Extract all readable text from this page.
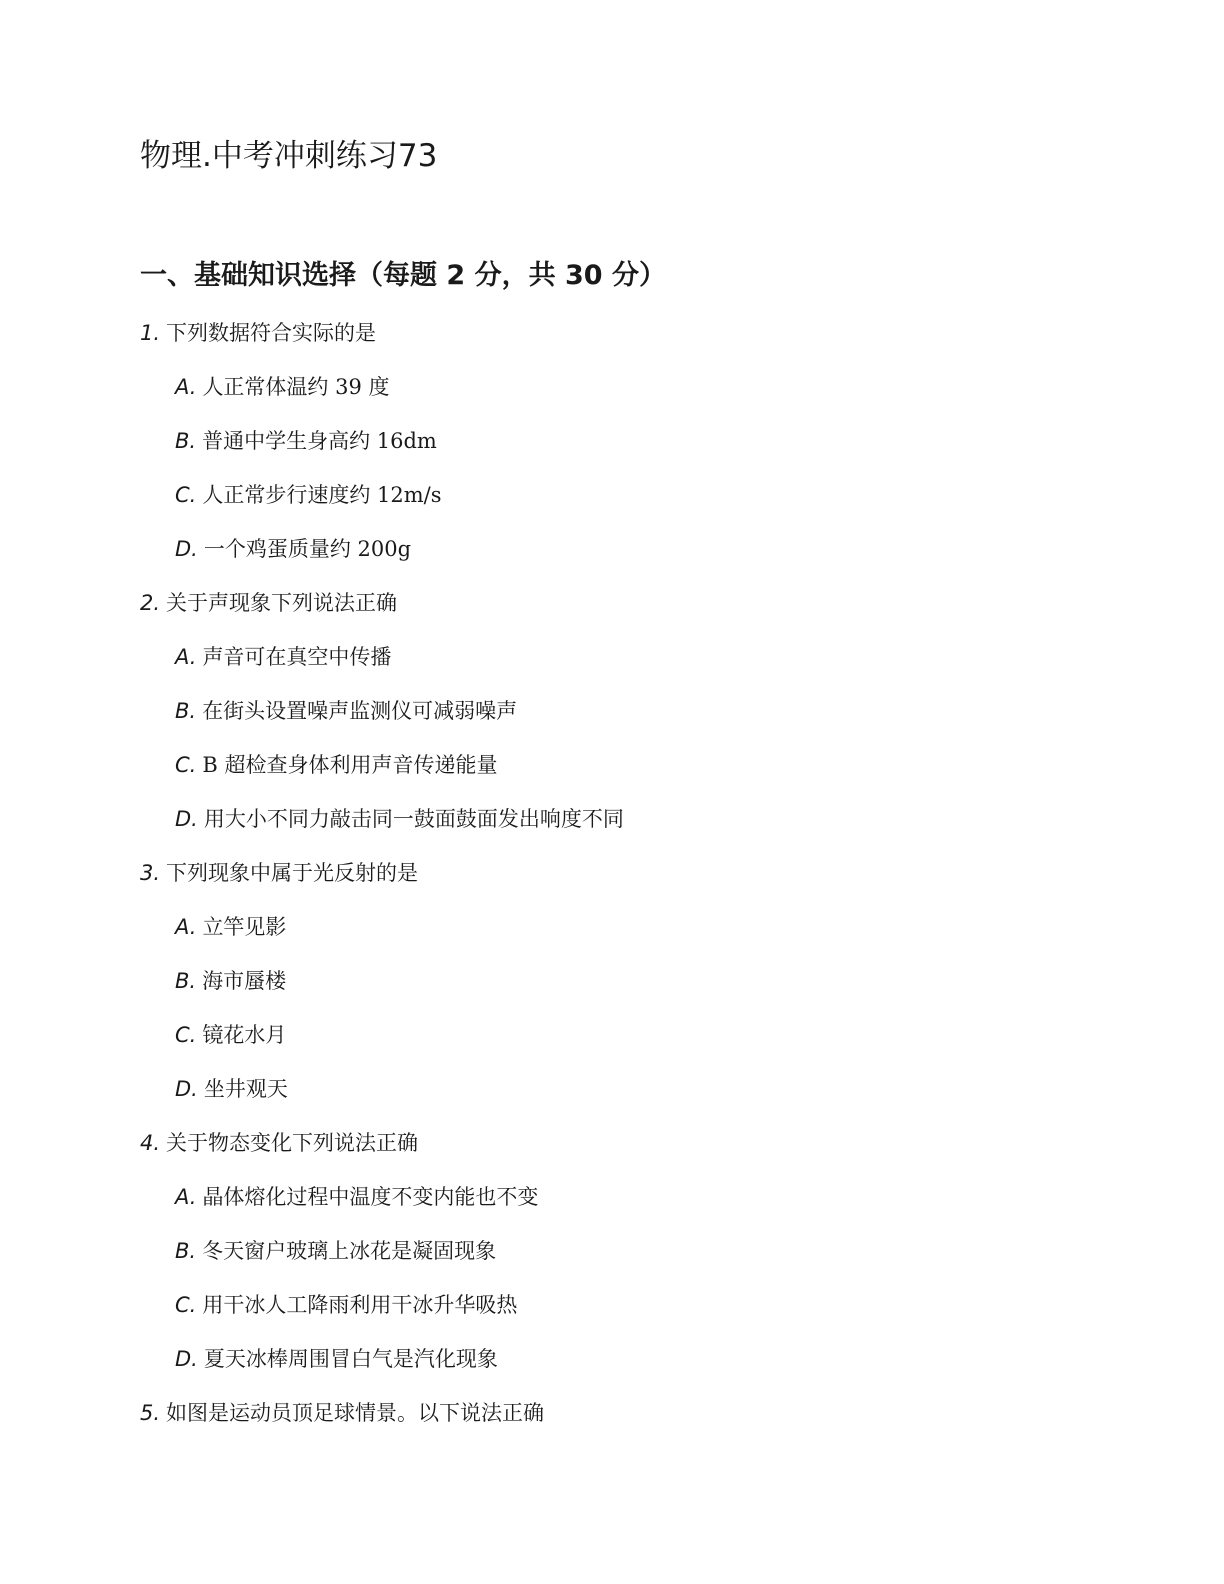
物理.中考冲刺练习73
一、基础知识选择（每题 2 分，共 30 分）
1. 下列数据符合实际的是
A. 人正常体温约 39 度
B. 普通中学生身高约 16dm
C. 人正常步行速度约 12m/s
D. 一个鸡蛋质量约 200g
2. 关于声现象下列说法正确
A. 声音可在真空中传播
B. 在街头设置噪声监测仪可减弱噪声
C. B 超检查身体利用声音传递能量
D. 用大小不同力敲击同一鼓面鼓面发出响度不同
3. 下列现象中属于光反射的是
A. 立竿见影
B. 海市蜃楼
C. 镜花水月
D. 坐井观天
4. 关于物态变化下列说法正确
A. 晶体熔化过程中温度不变内能也不变
B. 冬天窗户玻璃上冰花是凝固现象
C. 用干冰人工降雨利用干冰升华吸热
D. 夏天冰棒周围冒白气是汽化现象
5. 如图是运动员顶足球情景。以下说法正确
